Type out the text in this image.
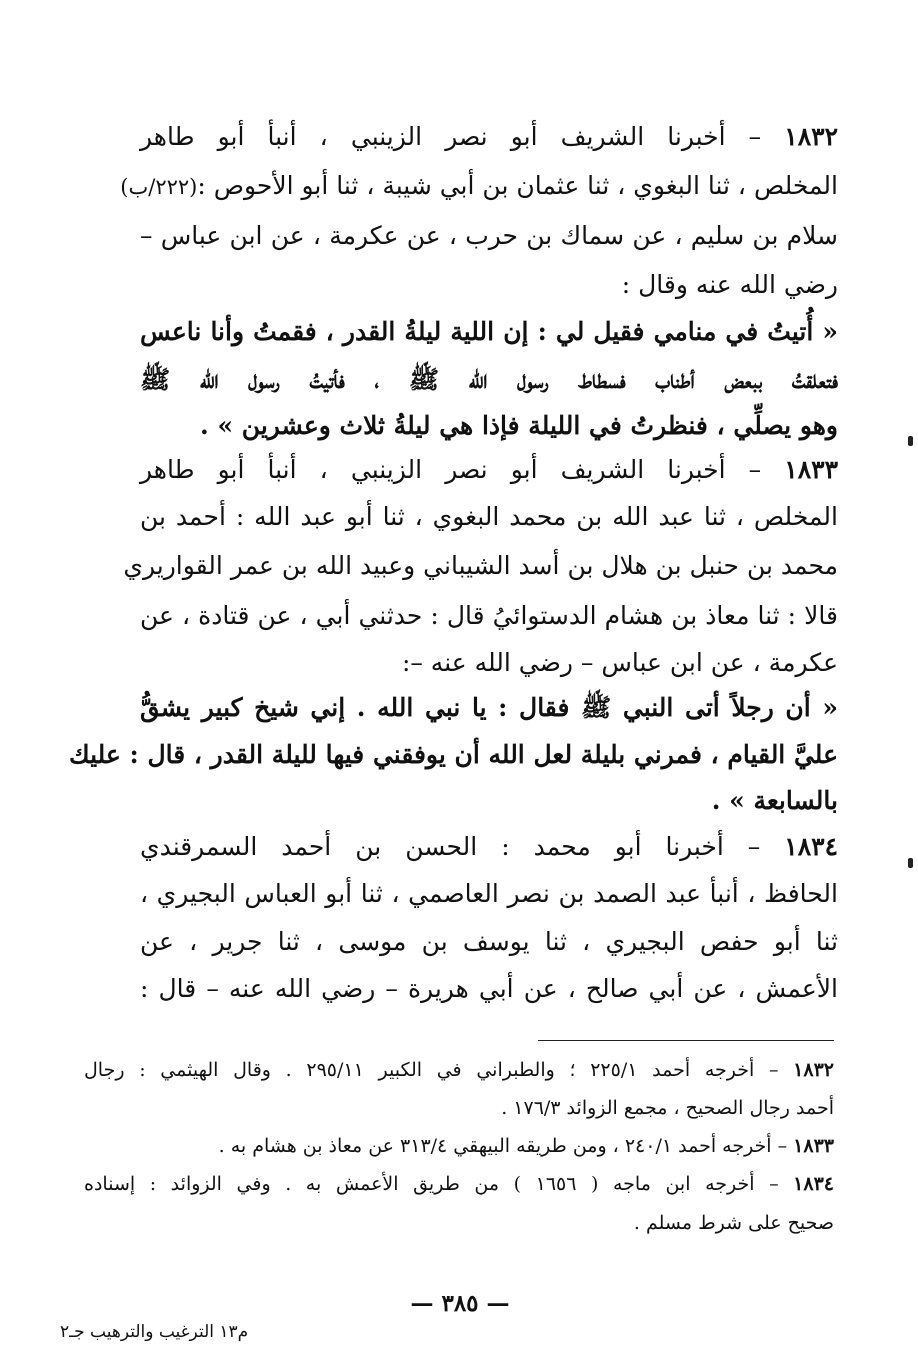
١٨٣٢ – أخبرنا الشريف أبو نصر الزينبي ، أنبأ أبو طاهر
المخلص ، ثنا البغوي ، ثنا عثمان بن أبي شيبة ، ثنا أبو الأحوص :(٢٢٢/ب)
سلام بن سليم ، عن سماك بن حرب ، عن عكرمة ، عن ابن عباس –
رضي الله عنه وقال :
« أُتيتُ في منامي فقيل لي : إن اللية ليلةُ القدر ، فقمتُ وأنا ناعس
فتعلقتُ ببعض أطناب فسطاط رسول الله ﷺ ، فأتيتُ رسول الله ﷺ
وهو يصلِّي ، فنظرتُ في الليلة فإذا هي ليلةُ ثلاث وعشرين » .
١٨٣٣ – أخبرنا الشريف أبو نصر الزينبي ، أنبأ أبو طاهر
المخلص ، ثنا عبد الله بن محمد البغوي ، ثنا أبو عبد الله : أحمد بن
محمد بن حنبل بن هلال بن أسد الشيباني وعبيد الله بن عمر القواريري
قالا : ثنا معاذ بن هشام الدستوائيُ قال : حدثني أبي ، عن قتادة ، عن
عكرمة ، عن ابن عباس – رضي الله عنه –:
« أن رجلاً أتى النبي ﷺ فقال : يا نبي الله . إني شيخ كبير يشقُّ
عليَّ القيام ، فمرني بليلة لعل الله أن يوفقني فيها لليلة القدر ، قال : عليك
بالسابعة » .
١٨٣٤ – أخبرنا أبو محمد : الحسن بن أحمد السمرقندي
الحافظ ، أنبأ عبد الصمد بن نصر العاصمي ، ثنا أبو العباس البجيري ،
ثنا أبو حفص البجيري ، ثنا يوسف بن موسى ، ثنا جرير ، عن
الأعمش ، عن أبي صالح ، عن أبي هريرة – رضي الله عنه – قال :
١٨٣٢ – أخرجه أحمد ٢٢٥/١ ؛ والطبراني في الكبير ٢٩٥/١١ . وقال الهيثمي : رجال
أحمد رجال الصحيح ، مجمع الزوائد ١٧٦/٣ .
١٨٣٣ – أخرجه أحمد ٢٤٠/١ ، ومن طريقه البيهقي ٣١٣/٤ عن معاذ بن هشام به .
١٨٣٤ – أخرجه ابن ماجه ( ١٦٥٦ ) من طريق الأعمش به . وفي الزوائد : إسناده
صحيح على شرط مسلم .
— ٣٨٥ —
م١٣ الترغيب والترهيب جـ٢
